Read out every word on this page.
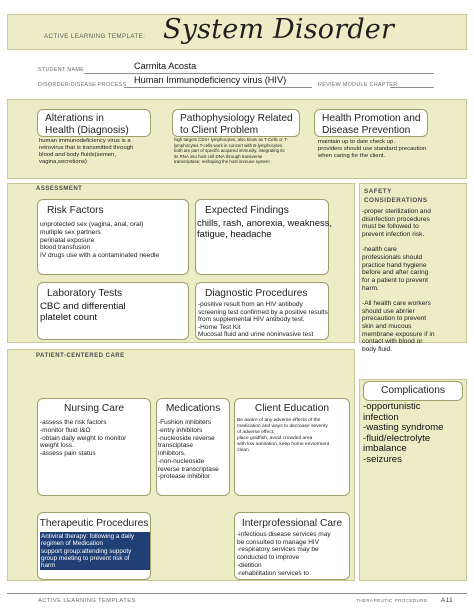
ACTIVE LEARNING TEMPLATE: System Disorder
STUDENT NAME	Carmita Acosta
DISORDER/DISEASE PROCESS Human Immunodeficiency virus (HIV)	REVIEW MODULE CHAPTER
Alterations in
Health (Diagnosis)
human immunodeficiency virus is a
retrovirus that is transmitted through
blood and body fluids(semen,
vagina,secretions)
Pathophysiology Related
to Client Problem
high targets CD4+ lymphocytes, also know as T-Cells or T-
lymphocytes.T-cells work in concert with B-lymphocytes.
both are part of specific acquired immunity. integrating its
its RNA into host cell DNA through transverse
transcriptase; reshaping the host immune system
Health Promotion and
Disease Prevention
maintain up to date check up.
providers should use standard precaution
when caring for the client.
ASSESSMENT
Risk Factors
unprotected sex (vagina, anal, oral)
multiple sex partners
perinatal exposure
blood transfusion
IV drugs use with a contaminated needle
Expected Findings
chills, rash, anorexia, weakness,
fatigue, headache
Laboratory Tests
CBC and differential
platelet count
Diagnostic Procedures
-positive result from an HIV antibody
screening test confirmed by a positive results
from supplemental HIV antibody test.
-Home Test Kit
Mucosal fluid and urine noninvasive test
SAFETY
CONSIDERATIONS
-proper sterilization and
disinfection procedures
must be followed to
prevent infection risk.

-health care
professionals should
practice hand hygiene
before and after caring
for a patient to prevent
harm.

-All health care workers
should use abrrier
prrecaution to prevent
skin and mucous
membrane exposure if in
contact with blood or
body fluid.
PATIENT-CENTERED CARE
Nursing Care
-assess the risk factors
-monitor fluid I&O
-obtain daily weight to monitor
weight loss.
-assess pain status
Medications
-Fushion inhibiters
-entry inhibitors
-nucleoside reverse
transciptase
inhibitors.
-non-nucleoside
reverse transcriptase
-protease inhibitor
Client Education
Be aware of any adverse effects of the
medication and ways to decrease severity
of adverse effect.
place goldfish, avoid crowded area
with low sanitation, keep home enviorment
clean.
Therapeutic Procedures
Antiviral therapy: following a daily
regimen of Medication
support group:attending suppoty
group meeting to prevent risk of
harm
Interprofessional Care
-infectious disease services may
be consulted to manage HIV
-respiratory services may be
conducted to improve
-dietition
-rehabilitation services to
Complications
-opportunistic
infection
-wasting syndrome
-fluid/electrolyte
imbalance
-seizures
ACTIVE LEARNING TEMPLATES	THERAPEUTIC PROCEDURE A11
